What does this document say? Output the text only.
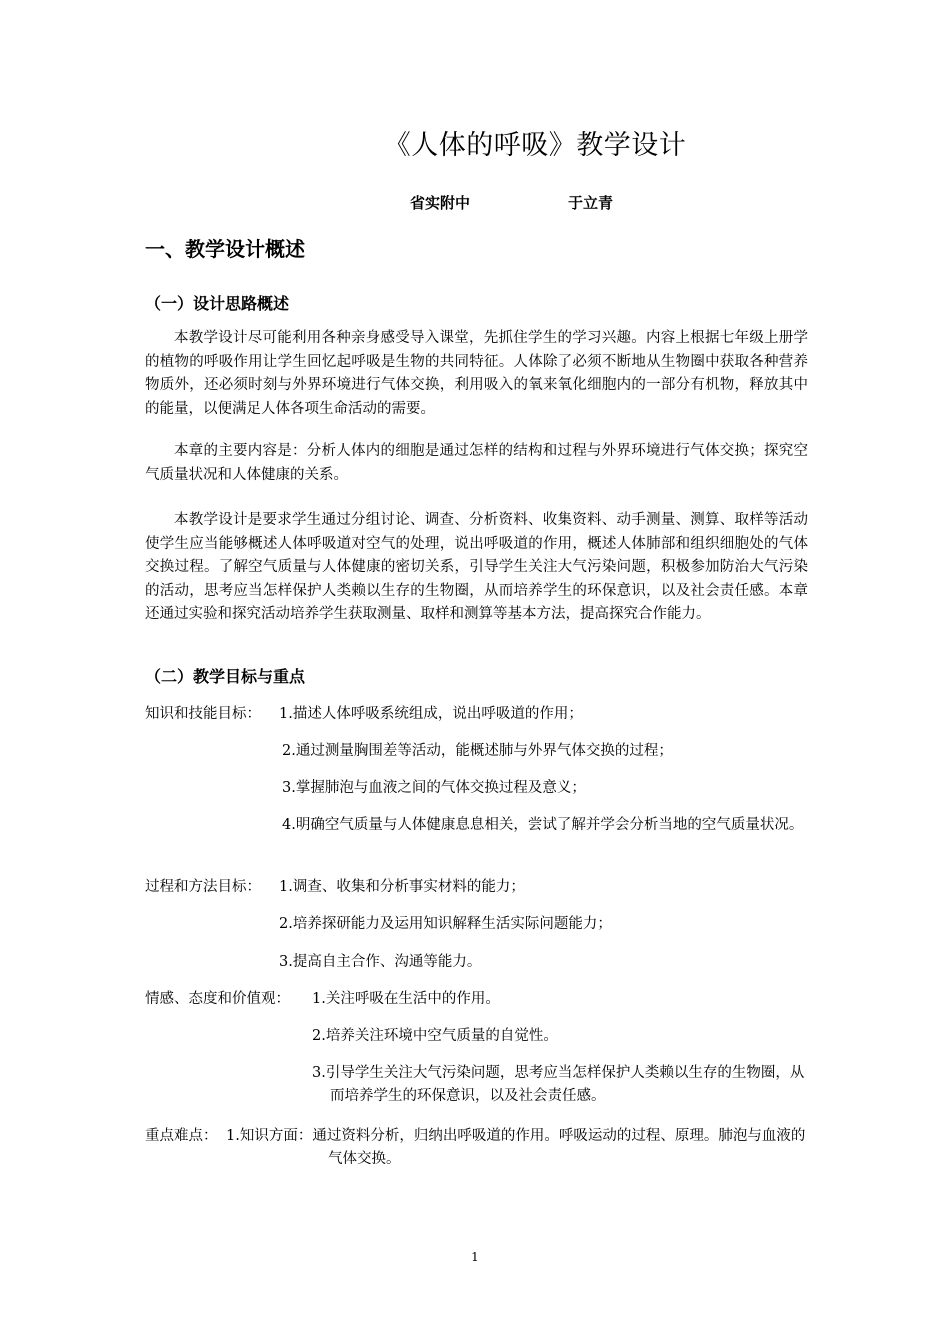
《人体的呼吸》教学设计
省实附中	于立青
一、教学设计概述
（一）设计思路概述

本教学设计尽可能利用各种亲身感受导入课堂，先抓住学生的学习兴趣。内容上根据七年级上册学的植物的呼吸作用让学生回忆起呼吸是生物的共同特征。人体除了必须不断地从生物圈中获取各种营养物质外，还必须时刻与外界环境进行气体交换，利用吸入的氧来氧化细胞内的一部分有机物，释放其中的能量，以便满足人体各项生命活动的需要。

本章的主要内容是：分析人体内的细胞是通过怎样的结构和过程与外界环境进行气体交换；探究空气质量状况和人体健康的关系。

本教学设计是要求学生通过分组讨论、调查、分析资料、收集资料、动手测量、测算、取样等活动使学生应当能够概述人体呼吸道对空气的处理，说出呼吸道的作用，概述人体肺部和组织细胞处的气体交换过程。了解空气质量与人体健康的密切关系，引导学生关注大气污染问题，积极参加防治大气污染的活动，思考应当怎样保护人类赖以生存的生物圈，从而培养学生的环保意识，以及社会责任感。本章还通过实验和探究活动培养学生获取测量、取样和测算等基本方法，提高探究合作能力。

（二）教学目标与重点
知识和技能目标： 1.描述人体呼吸系统组成，说出呼吸道的作用；
2.通过测量胸围差等活动，能概述肺与外界气体交换的过程；
3.掌握肺泡与血液之间的气体交换过程及意义；
4.明确空气质量与人体健康息息相关，尝试了解并学会分析当地的空气质量状况。
过程和方法目标： 1.调查、收集和分析事实材料的能力；
2.培养探研能力及运用知识解释生活实际问题能力；
3.提高自主合作、沟通等能力。
情感、态度和价值观： 1.关注呼吸在生活中的作用。
2.培养关注环境中空气质量的自觉性。
3.引导学生关注大气污染问题，思考应当怎样保护人类赖以生存的生物圈，从而培养学生的环保意识，以及社会责任感。
重点难点： 1.知识方面：通过资料分析，归纳出呼吸道的作用。呼吸运动的过程、原理。肺泡与血液的气体交换。
1
